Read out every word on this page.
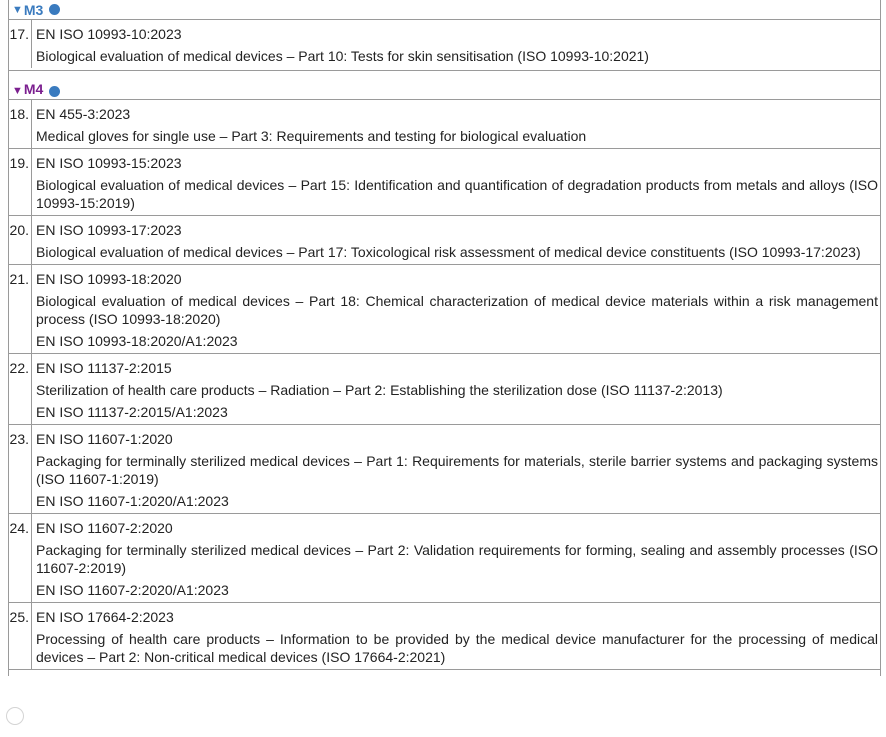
▼ M3
17. EN ISO 10993-10:2023
Biological evaluation of medical devices – Part 10: Tests for skin sensitisation (ISO 10993-10:2021)
▼ M4
18. EN 455-3:2023
Medical gloves for single use – Part 3: Requirements and testing for biological evaluation
19. EN ISO 10993-15:2023
Biological evaluation of medical devices – Part 15: Identification and quantification of degradation products from metals and alloys (ISO 10993-15:2019)
20. EN ISO 10993-17:2023
Biological evaluation of medical devices – Part 17: Toxicological risk assessment of medical device constituents (ISO 10993-17:2023)
21. EN ISO 10993-18:2020
Biological evaluation of medical devices – Part 18: Chemical characterization of medical device materials within a risk management process (ISO 10993-18:2020)
EN ISO 10993-18:2020/A1:2023
22. EN ISO 11137-2:2015
Sterilization of health care products – Radiation – Part 2: Establishing the sterilization dose (ISO 11137-2:2013)
EN ISO 11137-2:2015/A1:2023
23. EN ISO 11607-1:2020
Packaging for terminally sterilized medical devices – Part 1: Requirements for materials, sterile barrier systems and packaging systems (ISO 11607-1:2019)
EN ISO 11607-1:2020/A1:2023
24. EN ISO 11607-2:2020
Packaging for terminally sterilized medical devices – Part 2: Validation requirements for forming, sealing and assembly processes (ISO 11607-2:2019)
EN ISO 11607-2:2020/A1:2023
25. EN ISO 17664-2:2023
Processing of health care products – Information to be provided by the medical device manufacturer for the processing of medical devices – Part 2: Non-critical medical devices (ISO 17664-2:2021)
